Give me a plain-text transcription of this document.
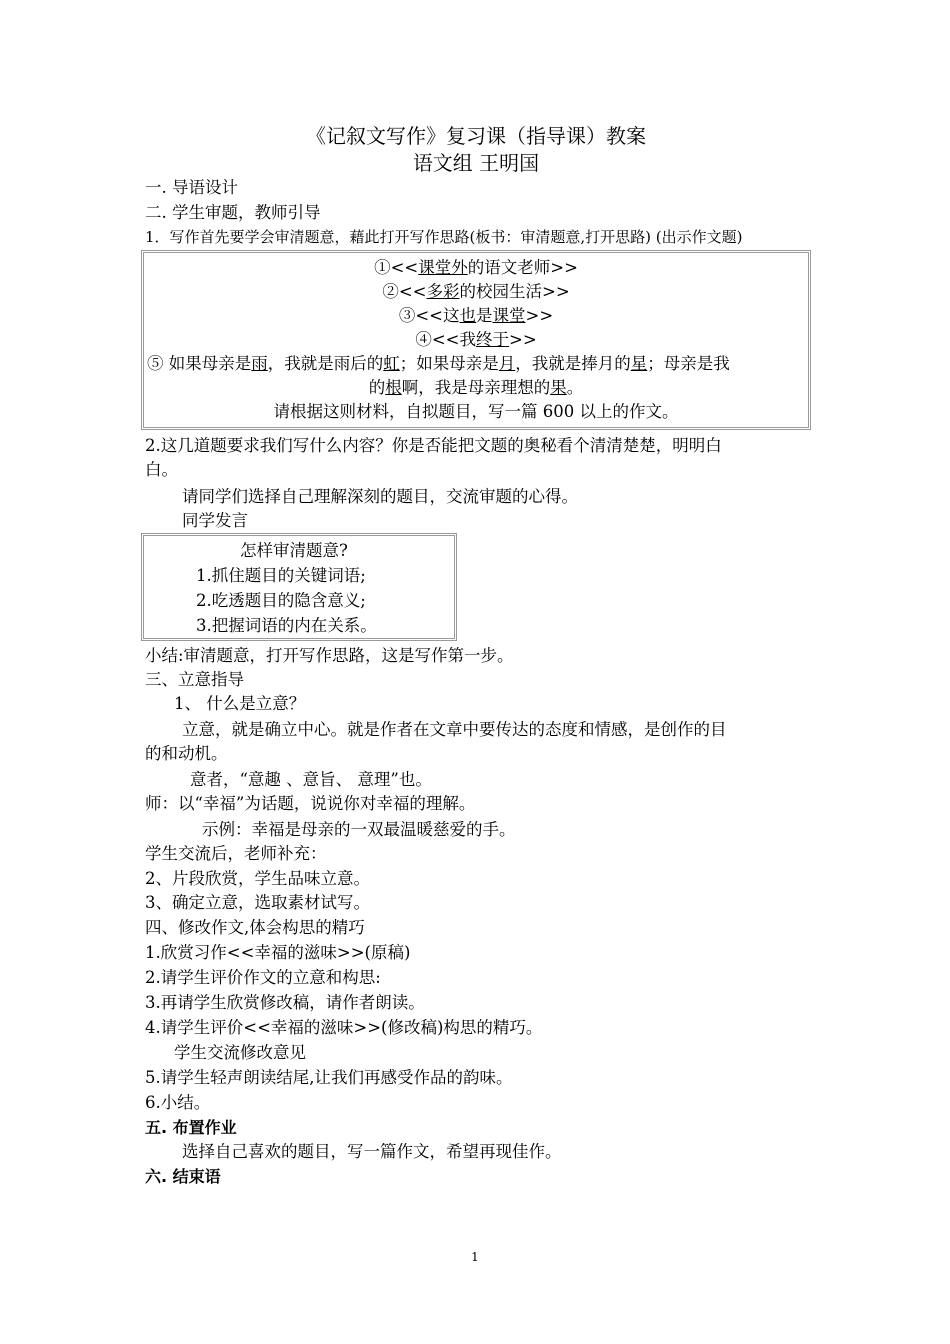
《记叙文写作》复习课（指导课）教案
语文组 王明国
一. 导语设计
二. 学生审题，教师引导
1．写作首先要学会审清题意，藉此打开写作思路(板书：审清题意,打开思路) (出示作文题)
①<<课堂外的语文老师>>
②<<多彩的校园生活>>
③<<这也是课堂>>
④<<我终于>>
⑤ 如果母亲是雨，我就是雨后的虹；如果母亲是月，我就是捧月的星；母亲是我
的根啊，我是母亲理想的果。
请根据这则材料，自拟题目，写一篇 600 以上的作文。
2.这几道题要求我们写什么内容？你是否能把文题的奥秘看个清清楚楚，明明白
白。
请同学们选择自己理解深刻的题目，交流审题的心得。
同学发言
怎样审清题意?
1.抓住题目的关键词语;
2.吃透题目的隐含意义;
3.把握词语的内在关系。
小结:审清题意，打开写作思路，这是写作第一步。
三、立意指导
1、 什么是立意？
立意，就是确立中心。就是作者在文章中要传达的态度和情感，是创作的目
的和动机。
意者，“意趣 、意旨、 意理”也。
师：以“幸福”为话题，说说你对幸福的理解。
示例：幸福是母亲的一双最温暖慈爱的手。
学生交流后，老师补充：
2、片段欣赏，学生品味立意。
3、确定立意，选取素材试写。
四、修改作文,体会构思的精巧
1.欣赏习作<<幸福的滋味>>(原稿)
2.请学生评价作文的立意和构思:
3.再请学生欣赏修改稿，请作者朗读。
4.请学生评价<<幸福的滋味>>(修改稿)构思的精巧。
学生交流修改意见
5.请学生轻声朗读结尾,让我们再感受作品的韵味。
6.小结。
五. 布置作业
选择自己喜欢的题目，写一篇作文，希望再现佳作。
六. 结束语
1
